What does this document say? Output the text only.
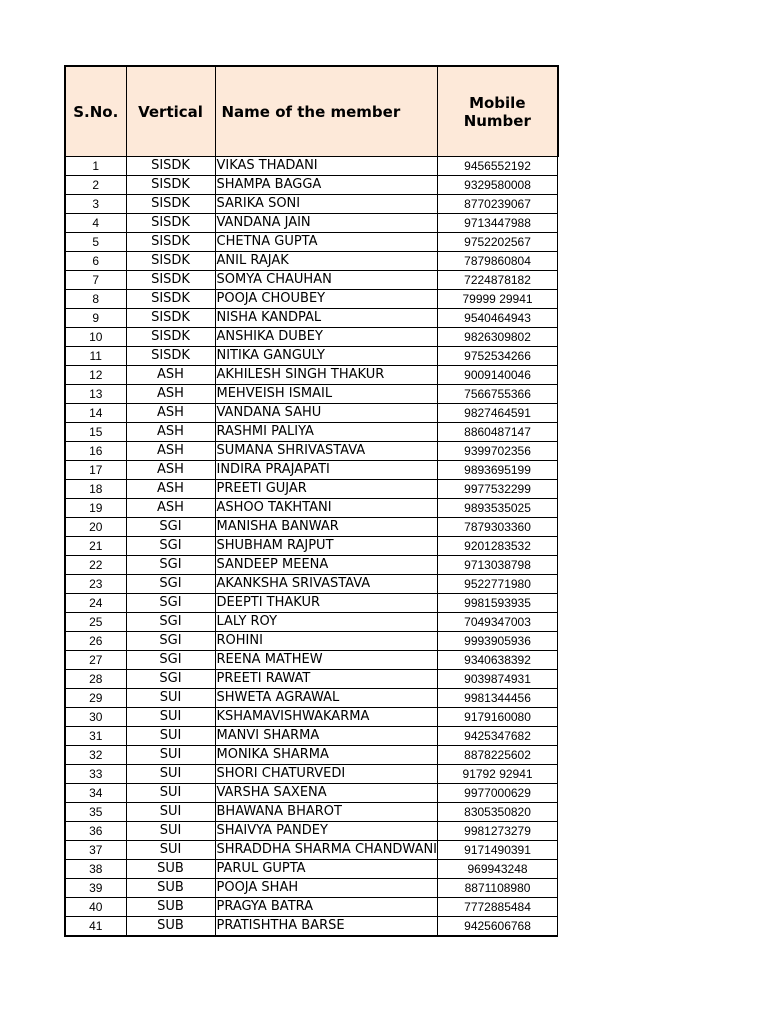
S.No.	Vertical	Name of the member	Mobile
Number

1	SISDK	VIKAS THADANI	9456552192
2	SISDK	SHAMPA BAGGA	9329580008
3	SISDK	SARIKA SONI	8770239067
4	SISDK	VANDANA JAIN	9713447988
5	SISDK	CHETNA GUPTA	9752202567
6	SISDK	ANIL RAJAK	7879860804
7	SISDK	SOMYA CHAUHAN	7224878182
8	SISDK	POOJA CHOUBEY	79999 29941
9	SISDK	NISHA KANDPAL	9540464943
10	SISDK	ANSHIKA DUBEY	9826309802
11	SISDK	NITIKA GANGULY	9752534266
12	ASH	AKHILESH SINGH THAKUR	9009140046
13	ASH	MEHVEISH ISMAIL	7566755366
14	ASH	VANDANA SAHU	9827464591
15	ASH	RASHMI PALIYA	8860487147
16	ASH	SUMANA SHRIVASTAVA	9399702356
17	ASH	INDIRA PRAJAPATI	9893695199
18	ASH	PREETI GUJAR	9977532299
19	ASH	ASHOO TAKHTANI	9893535025
20	SGI	MANISHA BANWAR	7879303360
21	SGI	SHUBHAM RAJPUT	9201283532
22	SGI	SANDEEP MEENA	9713038798
23	SGI	AKANKSHA SRIVASTAVA	9522771980
24	SGI	DEEPTI THAKUR	9981593935
25	SGI	LALY ROY	7049347003
26	SGI	ROHINI	9993905936
27	SGI	REENA MATHEW	9340638392
28	SGI	PREETI RAWAT	9039874931
29	SUI	SHWETA AGRAWAL	9981344456
30	SUI	KSHAMAVISHWAKARMA	9179160080
31	SUI	MANVI SHARMA	9425347682
32	SUI	MONIKA SHARMA	8878225602
33	SUI	SHORI CHATURVEDI	91792 92941
34	SUI	VARSHA SAXENA	9977000629
35	SUI	BHAWANA BHAROT	8305350820
36	SUI	SHAIVYA PANDEY	9981273279
37	SUI	SHRADDHA SHARMA CHANDWANI	9171490391
38	SUB	PARUL GUPTA	969943248
39	SUB	POOJA SHAH	8871108980
40	SUB	PRAGYA BATRA	7772885484
41	SUB	PRATISHTHA BARSE	9425606768
